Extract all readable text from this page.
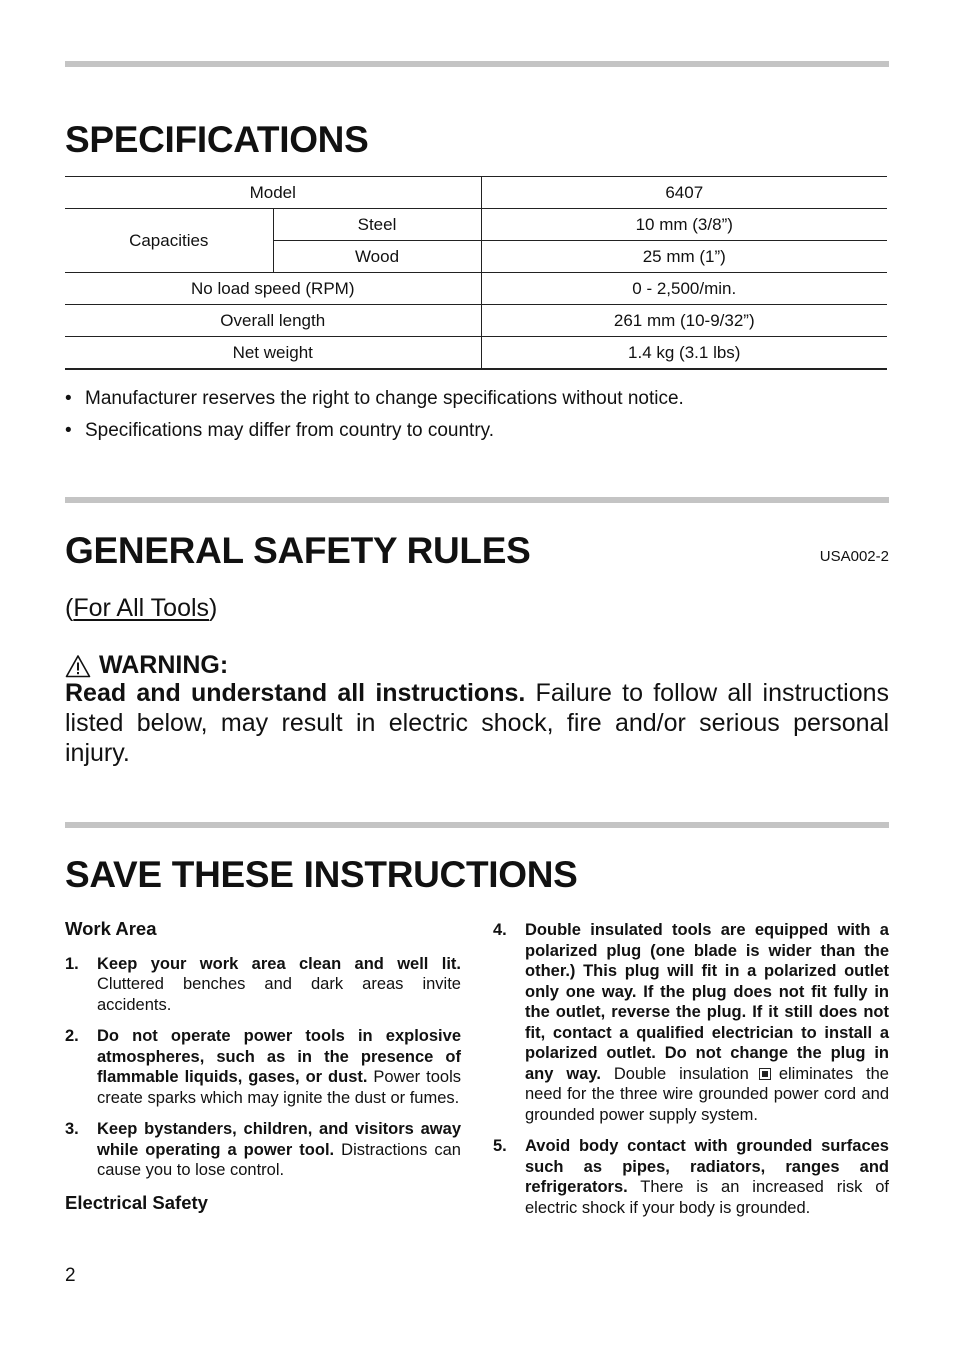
SPECIFICATIONS
Model		6407
Capacities	Steel	10 mm (3/8”)
	Wood	25 mm (1”)
No load speed (RPM)		0 - 2,500/min.
Overall length		261 mm (10-9/32”)
Net weight		1.4 kg (3.1 lbs)
• Manufacturer reserves the right to change specifications without notice.
• Specifications may differ from country to country.
GENERAL SAFETY RULES	USA002-2
(For All Tools)
WARNING:
Read and understand all instructions. Failure to follow all instructions listed below, may result in electric shock, fire and/or serious personal injury.
SAVE THESE INSTRUCTIONS
Work Area
1.	Keep your work area clean and well lit. Cluttered benches and dark areas invite accidents.
2.	Do not operate power tools in explosive atmospheres, such as in the presence of flammable liquids, gases, or dust. Power tools create sparks which may ignite the dust or fumes.
3.	Keep bystanders, children, and visitors away while operating a power tool. Distractions can cause you to lose control.
Electrical Safety
4.	Double insulated tools are equipped with a polarized plug (one blade is wider than the other.) This plug will fit in a polarized outlet only one way. If the plug does not fit fully in the outlet, reverse the plug. If it still does not fit, contact a qualified electrician to install a polarized outlet. Do not change the plug in any way. Double insulation eliminates the need for the three wire grounded power cord and grounded power supply system.
5.	Avoid body contact with grounded surfaces such as pipes, radiators, ranges and refrigerators. There is an increased risk of electric shock if your body is grounded.
2
